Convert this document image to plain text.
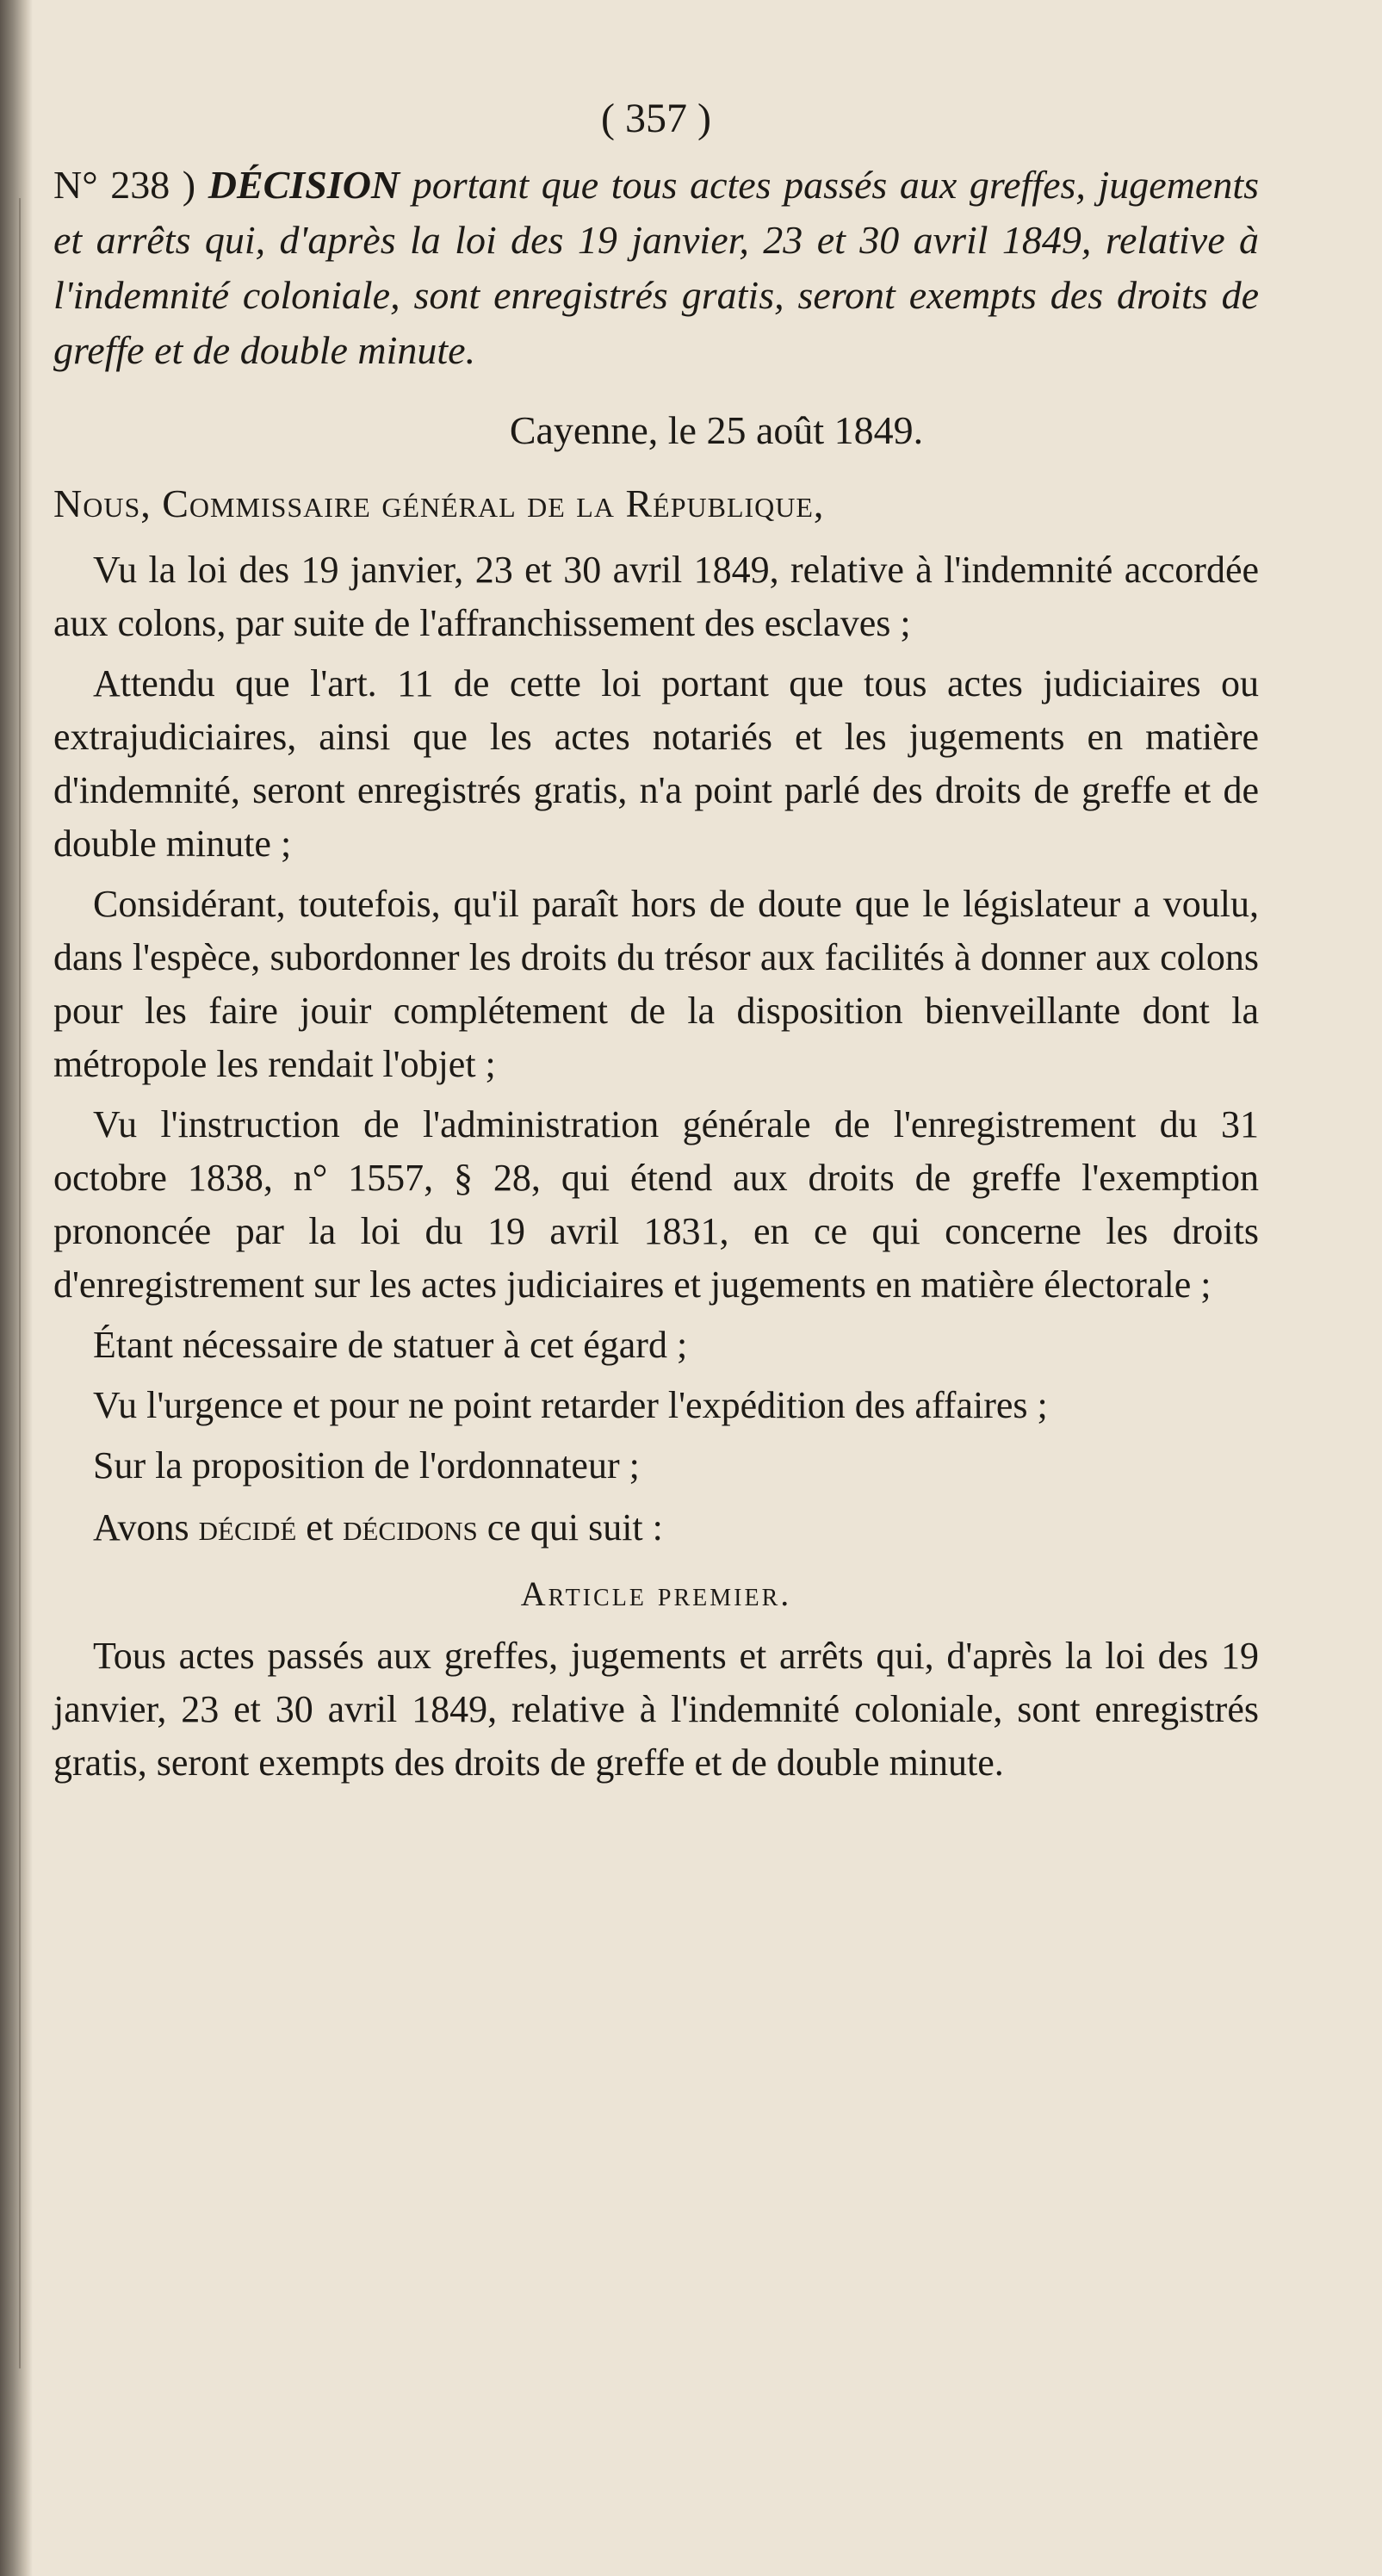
( 357 )

N° 238 ) DÉCISION portant que tous actes passés aux greffes, jugements et arrêts qui, d'après la loi des 19 janvier, 23 et 30 avril 1849, relative à l'indemnité coloniale, sont enregistrés gratis, seront exempts des droits de greffe et de double minute.

Cayenne, le 25 août 1849.
Nous, Commissaire général de la République,

Vu la loi des 19 janvier, 23 et 30 avril 1849, relative à l'indemnité accordée aux colons, par suite de l'affranchissement des esclaves ;

Attendu que l'art. 11 de cette loi portant que tous actes judiciaires ou extrajudiciaires, ainsi que les actes notariés et les jugements en matière d'indemnité, seront enregistrés gratis, n'a point parlé des droits de greffe et de double minute ;

Considérant, toutefois, qu'il paraît hors de doute que le législateur a voulu, dans l'espèce, subordonner les droits du trésor aux facilités à donner aux colons pour les faire jouir complétement de la disposition bienveillante dont la métropole les rendait l'objet ;

Vu l'instruction de l'administration générale de l'enregistrement du 31 octobre 1838, n° 1557, § 28, qui étend aux droits de greffe l'exemption prononcée par la loi du 19 avril 1831, en ce qui concerne les droits d'enregistrement sur les actes judiciaires et jugements en matière électorale ;

Étant nécessaire de statuer à cet égard ;

Vu l'urgence et pour ne point retarder l'expédition des affaires ;

Sur la proposition de l'ordonnateur ;

Avons décidé et décidons ce qui suit :

Article premier.

Tous actes passés aux greffes, jugements et arrêts qui, d'après la loi des 19 janvier, 23 et 30 avril 1849, relative à l'indemnité coloniale, sont enregistrés gratis, seront exempts des droits de greffe et de double minute.
